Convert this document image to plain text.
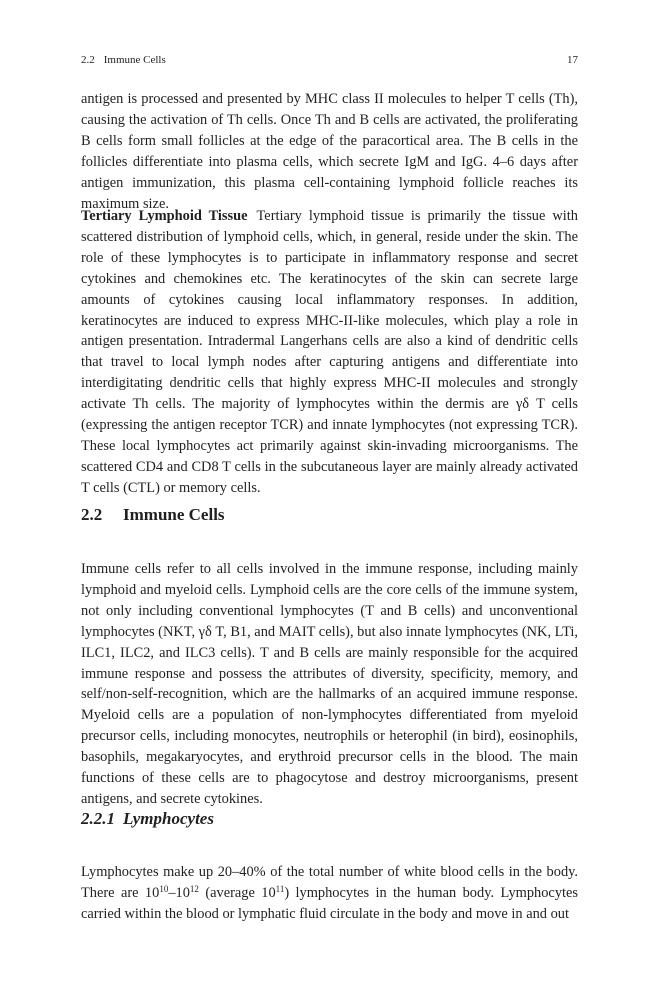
2.2 Immune Cells	17

antigen is processed and presented by MHC class II molecules to helper T cells (Th), causing the activation of Th cells. Once Th and B cells are activated, the proliferating B cells form small follicles at the edge of the paracortical area. The B cells in the follicles differentiate into plasma cells, which secrete IgM and IgG. 4–6 days after antigen immunization, this plasma cell-containing lymphoid follicle reaches its maximum size.

Tertiary Lymphoid Tissue Tertiary lymphoid tissue is primarily the tissue with scattered distribution of lymphoid cells, which, in general, reside under the skin. The role of these lymphocytes is to participate in inflammatory response and secret cytokines and chemokines etc. The keratinocytes of the skin can secrete large amounts of cytokines causing local inflammatory responses. In addition, keratinocytes are induced to express MHC-II-like molecules, which play a role in antigen presentation. Intradermal Langerhans cells are also a kind of dendritic cells that travel to local lymph nodes after capturing antigens and differentiate into interdigitating dendritic cells that highly express MHC-II molecules and strongly activate Th cells. The majority of lymphocytes within the dermis are γδ T cells (expressing the antigen receptor TCR) and innate lymphocytes (not expressing TCR). These local lymphocytes act primarily against skin-invading microorganisms. The scattered CD4 and CD8 T cells in the subcutaneous layer are mainly already activated T cells (CTL) or memory cells.

2.2 Immune Cells

Immune cells refer to all cells involved in the immune response, including mainly lymphoid and myeloid cells. Lymphoid cells are the core cells of the immune system, not only including conventional lymphocytes (T and B cells) and unconventional lymphocytes (NKT, γδ T, B1, and MAIT cells), but also innate lymphocytes (NK, LTi, ILC1, ILC2, and ILC3 cells). T and B cells are mainly responsible for the acquired immune response and possess the attributes of diversity, specificity, memory, and self/non-self-recognition, which are the hallmarks of an acquired immune response. Myeloid cells are a population of non-lymphocytes differentiated from myeloid precursor cells, including monocytes, neutrophils or heterophil (in bird), eosinophils, basophils, megakaryocytes, and erythroid precursor cells in the blood. The main functions of these cells are to phagocytose and destroy microorganisms, present antigens, and secrete cytokines.

2.2.1 Lymphocytes

Lymphocytes make up 20–40% of the total number of white blood cells in the body. There are $10^{10}-10^{12}$ (average $10^{11}$) lymphocytes in the human body. Lymphocytes carried within the blood or lymphatic fluid circulate in the body and move in and out
